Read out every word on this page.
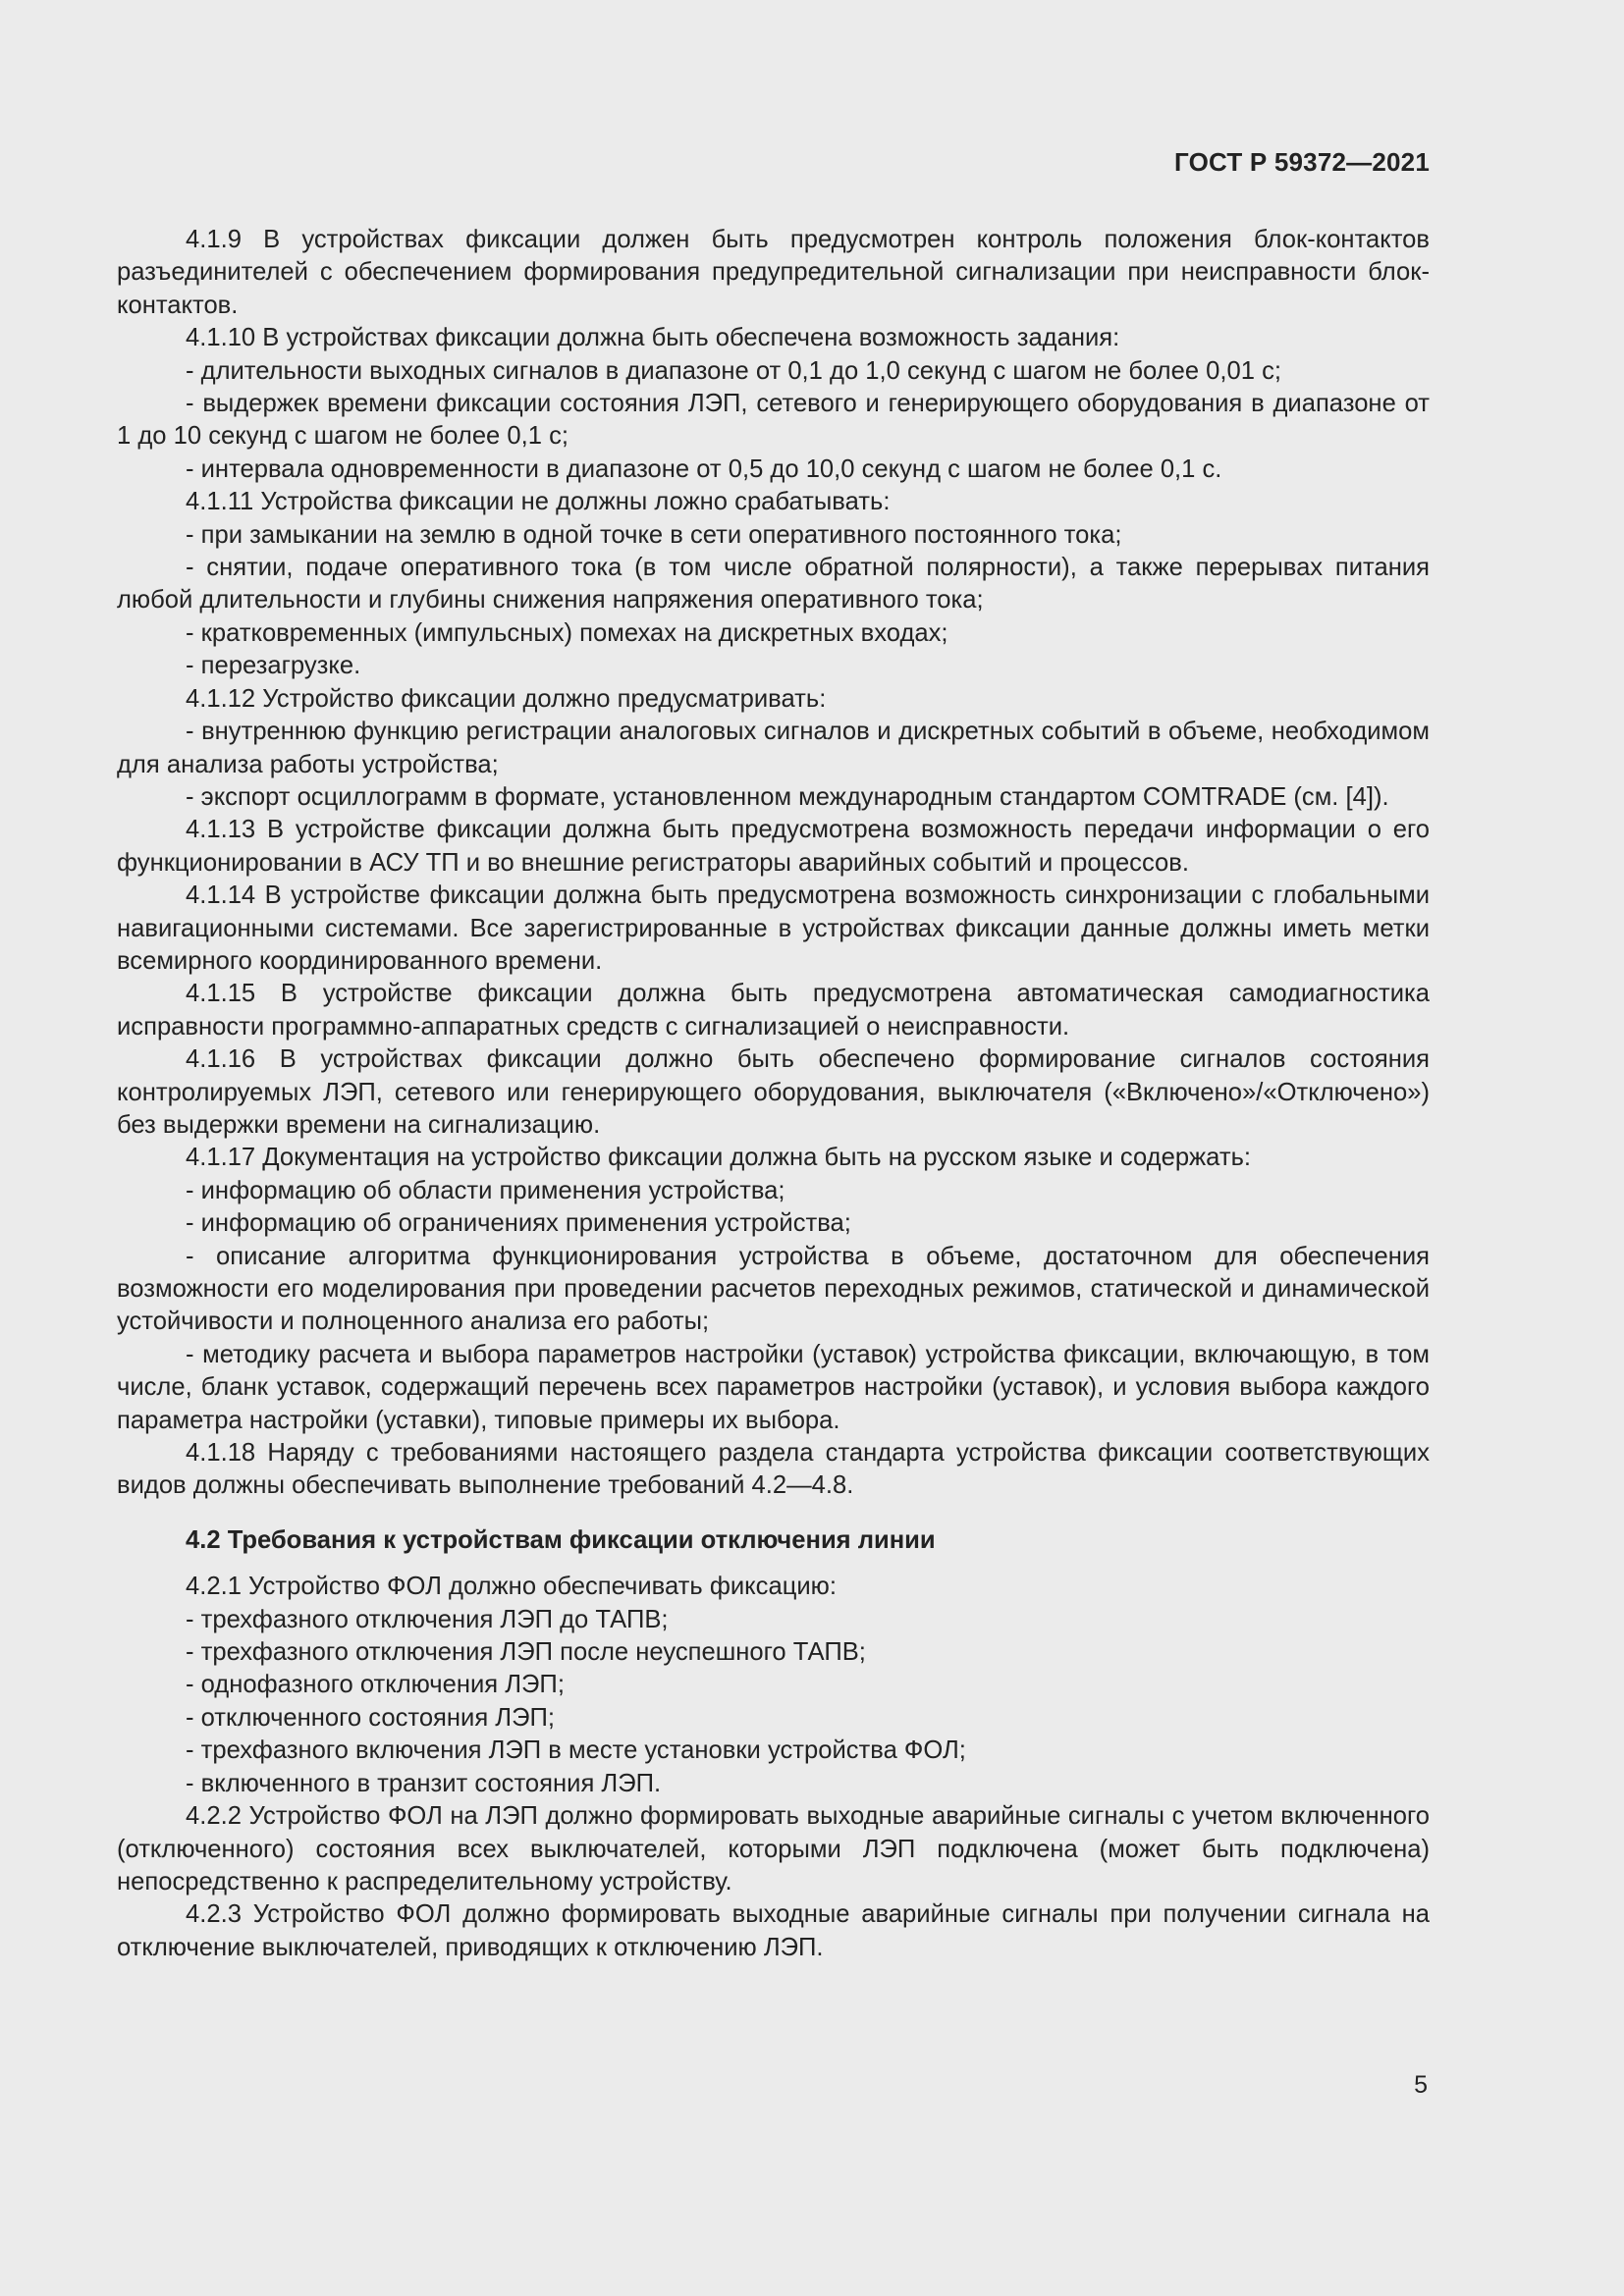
ГОСТ Р 59372—2021

4.1.9 В устройствах фиксации должен быть предусмотрен контроль положения блок-контактов разъединителей с обеспечением формирования предупредительной сигнализации при неисправности блок-контактов.

4.1.10 В устройствах фиксации должна быть обеспечена возможность задания:

- длительности выходных сигналов в диапазоне от 0,1 до 1,0 секунд с шагом не более 0,01 с;

- выдержек времени фиксации состояния ЛЭП, сетевого и генерирующего оборудования в диапазоне от 1 до 10 секунд с шагом не более 0,1 с;

- интервала одновременности в диапазоне от 0,5 до 10,0 секунд с шагом не более 0,1 с.

4.1.11 Устройства фиксации не должны ложно срабатывать:

- при замыкании на землю в одной точке в сети оперативного постоянного тока;

- снятии, подаче оперативного тока (в том числе обратной полярности), а также перерывах питания любой длительности и глубины снижения напряжения оперативного тока;

- кратковременных (импульсных) помехах на дискретных входах;

- перезагрузке.

4.1.12 Устройство фиксации должно предусматривать:

- внутреннюю функцию регистрации аналоговых сигналов и дискретных событий в объеме, необходимом для анализа работы устройства;

- экспорт осциллограмм в формате, установленном международным стандартом COMTRADE (см. [4]).

4.1.13 В устройстве фиксации должна быть предусмотрена возможность передачи информации о его функционировании в АСУ ТП и во внешние регистраторы аварийных событий и процессов.

4.1.14 В устройстве фиксации должна быть предусмотрена возможность синхронизации с глобальными навигационными системами. Все зарегистрированные в устройствах фиксации данные должны иметь метки всемирного координированного времени.

4.1.15 В устройстве фиксации должна быть предусмотрена автоматическая самодиагностика исправности программно-аппаратных средств с сигнализацией о неисправности.

4.1.16 В устройствах фиксации должно быть обеспечено формирование сигналов состояния контролируемых ЛЭП, сетевого или генерирующего оборудования, выключателя («Включено»/«Отключено») без выдержки времени на сигнализацию.

4.1.17 Документация на устройство фиксации должна быть на русском языке и содержать:

- информацию об области применения устройства;

- информацию об ограничениях применения устройства;

- описание алгоритма функционирования устройства в объеме, достаточном для обеспечения возможности его моделирования при проведении расчетов переходных режимов, статической и динамической устойчивости и полноценного анализа его работы;

- методику расчета и выбора параметров настройки (уставок) устройства фиксации, включающую, в том числе, бланк уставок, содержащий перечень всех параметров настройки (уставок), и условия выбора каждого параметра настройки (уставки), типовые примеры их выбора.

4.1.18 Наряду с требованиями настоящего раздела стандарта устройства фиксации соответствующих видов должны обеспечивать выполнение требований 4.2—4.8.

4.2 Требования к устройствам фиксации отключения линии

4.2.1 Устройство ФОЛ должно обеспечивать фиксацию:

- трехфазного отключения ЛЭП до ТАПВ;

- трехфазного отключения ЛЭП после неуспешного ТАПВ;

- однофазного отключения ЛЭП;

- отключенного состояния ЛЭП;

- трехфазного включения ЛЭП в месте установки устройства ФОЛ;

- включенного в транзит состояния ЛЭП.

4.2.2 Устройство ФОЛ на ЛЭП должно формировать выходные аварийные сигналы с учетом включенного (отключенного) состояния всех выключателей, которыми ЛЭП подключена (может быть подключена) непосредственно к распределительному устройству.

4.2.3 Устройство ФОЛ должно формировать выходные аварийные сигналы при получении сигнала на отключение выключателей, приводящих к отключению ЛЭП.

5
